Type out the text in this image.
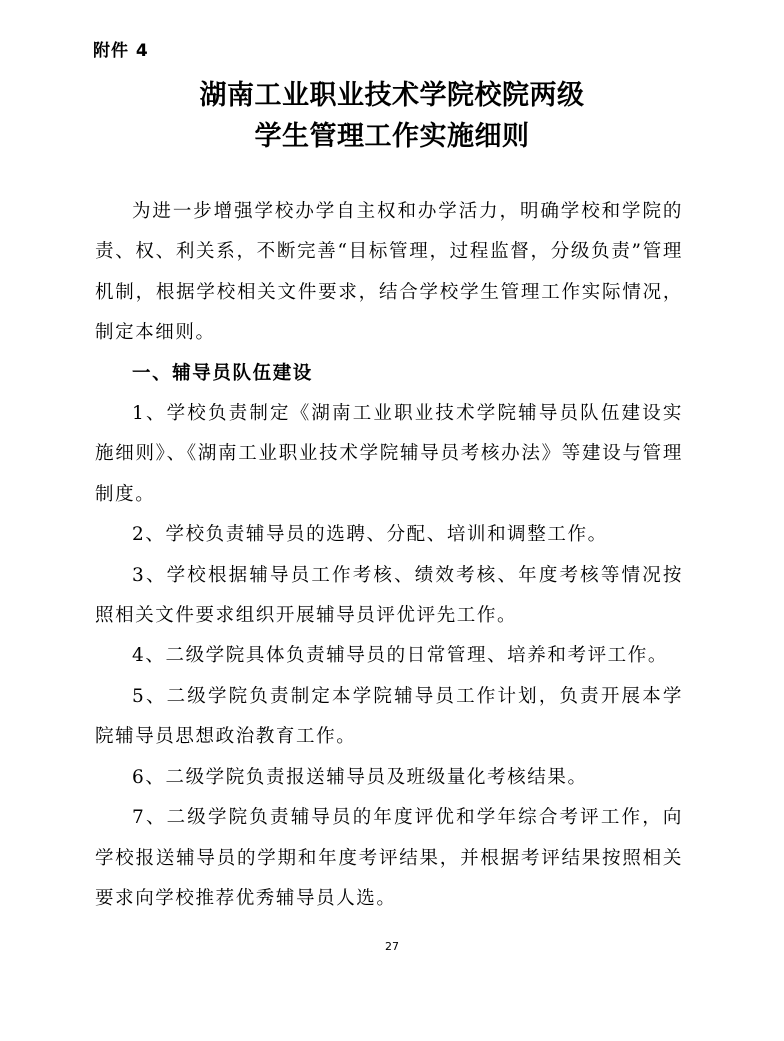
附件 4
湖南工业职业技术学院校院两级
学生管理工作实施细则

为进一步增强学校办学自主权和办学活力，明确学校和学院的责、权、利关系，不断完善“目标管理，过程监督，分级负责”管理机制，根据学校相关文件要求，结合学校学生管理工作实际情况，制定本细则。

一、辅导员队伍建设

1、学校负责制定《湖南工业职业技术学院辅导员队伍建设实施细则》、《湖南工业职业技术学院辅导员考核办法》等建设与管理制度。

2、学校负责辅导员的选聘、分配、培训和调整工作。

3、学校根据辅导员工作考核、绩效考核、年度考核等情况按照相关文件要求组织开展辅导员评优评先工作。

4、二级学院具体负责辅导员的日常管理、培养和考评工作。

5、二级学院负责制定本学院辅导员工作计划，负责开展本学院辅导员思想政治教育工作。

6、二级学院负责报送辅导员及班级量化考核结果。

7、二级学院负责辅导员的年度评优和学年综合考评工作，向学校报送辅导员的学期和年度考评结果，并根据考评结果按照相关要求向学校推荐优秀辅导员人选。

27
